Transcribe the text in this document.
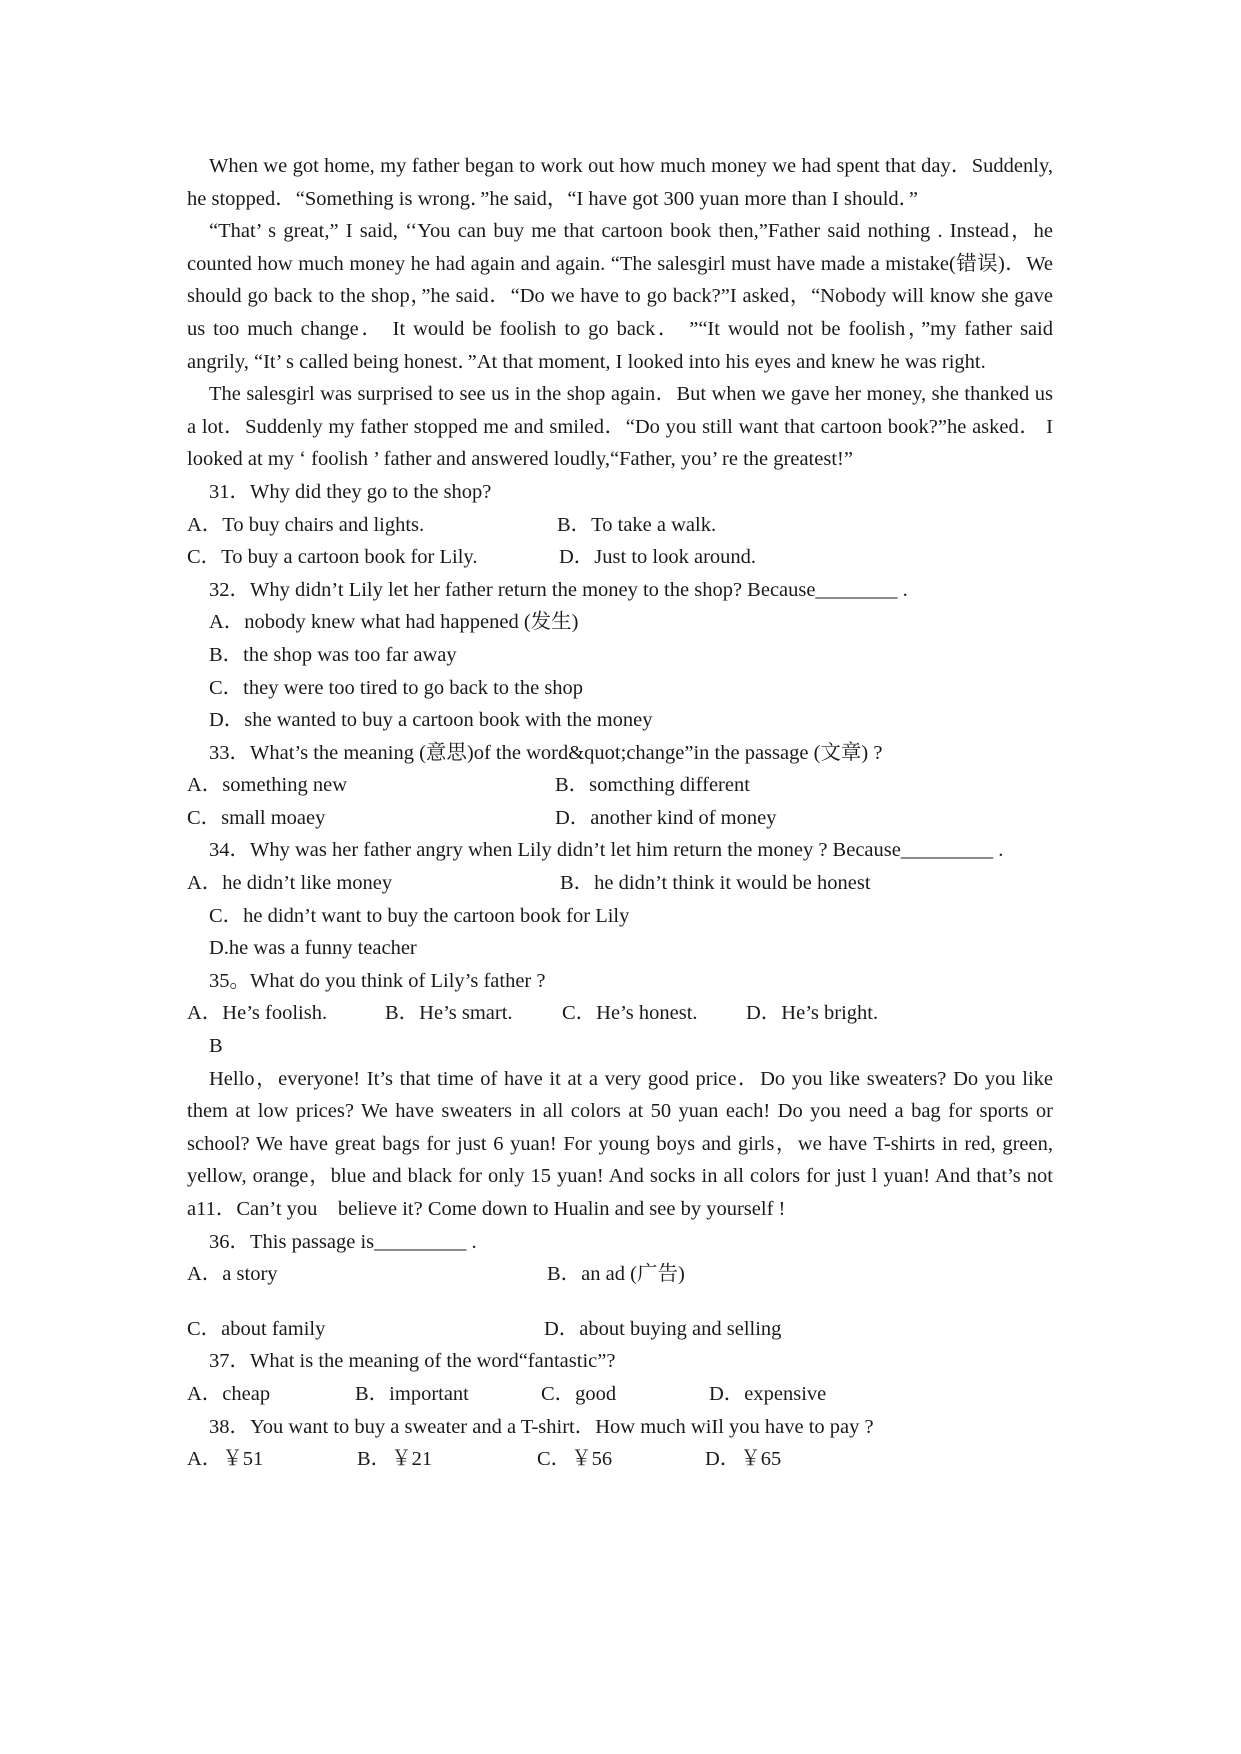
When we got home, my father began to work out how much money we had spent that day．Suddenly, he stopped．“Something is wrong．”he said，“I have got 300 yuan more than I should．”

“That’ s great,” I said, ‘‘You can buy me that cartoon book then,”Father said nothing . Instead，he counted how much money he had again and again. “The salesgirl must have made a mistake(错误)．We should go back to the shop，”he said．“Do we have to go back?”I asked，“Nobody will know she gave us too much change． It would be foolish to go back． ”“It would not be foolish，”my father said angrily, “It’ s called being honest．”At that moment, I looked into his eyes and knew he was right.

The salesgirl was surprised to see us in the shop again．But when we gave her money, she thanked us a lot．Suddenly my father stopped me and smiled．“Do you still want that cartoon book?”he asked． I looked at my ‘ foolish ’ father and answered loudly,“Father, you’ re the greatest!”

31．Why did they go to the shop?
A．To buy chairs and lights.	B．To take a walk.
C．To buy a cartoon book for Lily.	D．Just to look around.
32．Why didn’t Lily let her father return the money to the shop? Because________ .
A．nobody knew what had happened (发生)
B．the shop was too far away
C．they were too tired to go back to the shop
D．she wanted to buy a cartoon book with the money
33．What’s the meaning (意思)of the word&quot;change”in the passage (文章) ?
A．something new	B．somcthing different
C．small moaey	D．another kind of money
34．Why was her father angry when Lily didn’t let him return the money ? Because_________ .
A．he didn’t like money	B．he didn’t think it would be honest
C．he didn’t want to buy the cartoon book for Lily
D.he was a funny teacher
35。What do you think of Lily’s father ?
A．He’s foolish.	B．He’s smart. C．He’s honest. D．He’s bright.
B

Hello，everyone! It’s that time of have it at a very good price．Do you like sweaters? Do you like them at low prices? We have sweaters in all colors at 50 yuan each! Do you need a bag for sports or school? We have great bags for just 6 yuan! For young boys and girls，we have T-shirts in red, green, yellow, orange，blue and black for only 15 yuan! And socks in all colors for just l yuan! And that’s not a11．Can’t you　believe it? Come down to Hualin and see by yourself !

36．This passage is_________ .
A．a story	B．an ad (广告)
C．about family	D．about buying and selling
37．What is the meaning of the word“fantastic”?
A．cheap	B．important	C．good	D．expensive
38．You want to buy a sweater and a T-shirt．How much wiIl you have to pay ?
A．￥51	B．￥21	C．￥56	D．￥65
